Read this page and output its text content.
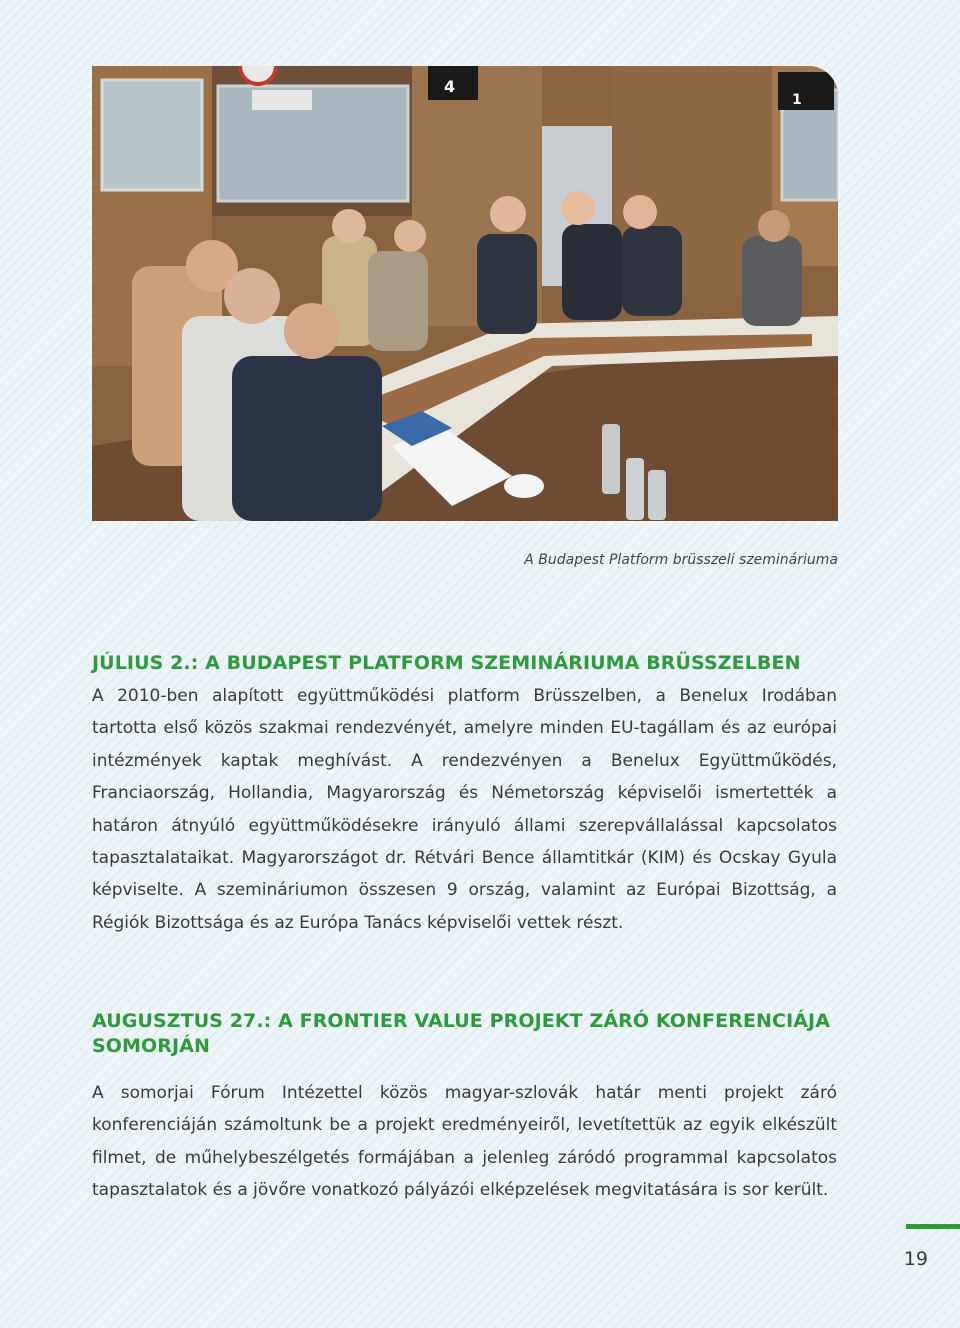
4
1
A Budapest Platform brüsszeli szemináriuma
JÚLIUS 2.: A BUDAPEST PLATFORM SZEMINÁRIUMA BRÜSSZELBEN

A 2010-ben alapított együttműködési platform Brüsszelben, a Benelux Irodában tartotta első közös szakmai rendezvényét, amelyre minden EU-tagállam és az európai intézmények kaptak meghívást. A rendezvényen a Benelux Együttműködés, Franciaország, Hollandia, Magyarország és Németország képviselői ismertették a határon átnyúló együttműködésekre irányuló állami szerepvállalással kapcsolatos tapasztalataikat. Magyarországot dr. Rétvári Bence államtitkár (KIM) és Ocskay Gyula képviselte. A szemináriumon összesen 9 ország, valamint az Európai Bizottság, a Régiók Bizottsága és az Európa Tanács képviselői vettek részt.

AUGUSZTUS 27.: A FRONTIER VALUE PROJEKT ZÁRÓ KONFERENCIÁJA SOMORJÁN

A somorjai Fórum Intézettel közös magyar-szlovák határ menti projekt záró konferenciáján számoltunk be a projekt eredményeiről, levetítettük az egyik elkészült filmet, de műhelybeszélgetés formájában a jelenleg záródó programmal kapcsolatos tapasztalatok és a jövőre vonatkozó pályázói elképzelések megvitatására is sor került.

19
